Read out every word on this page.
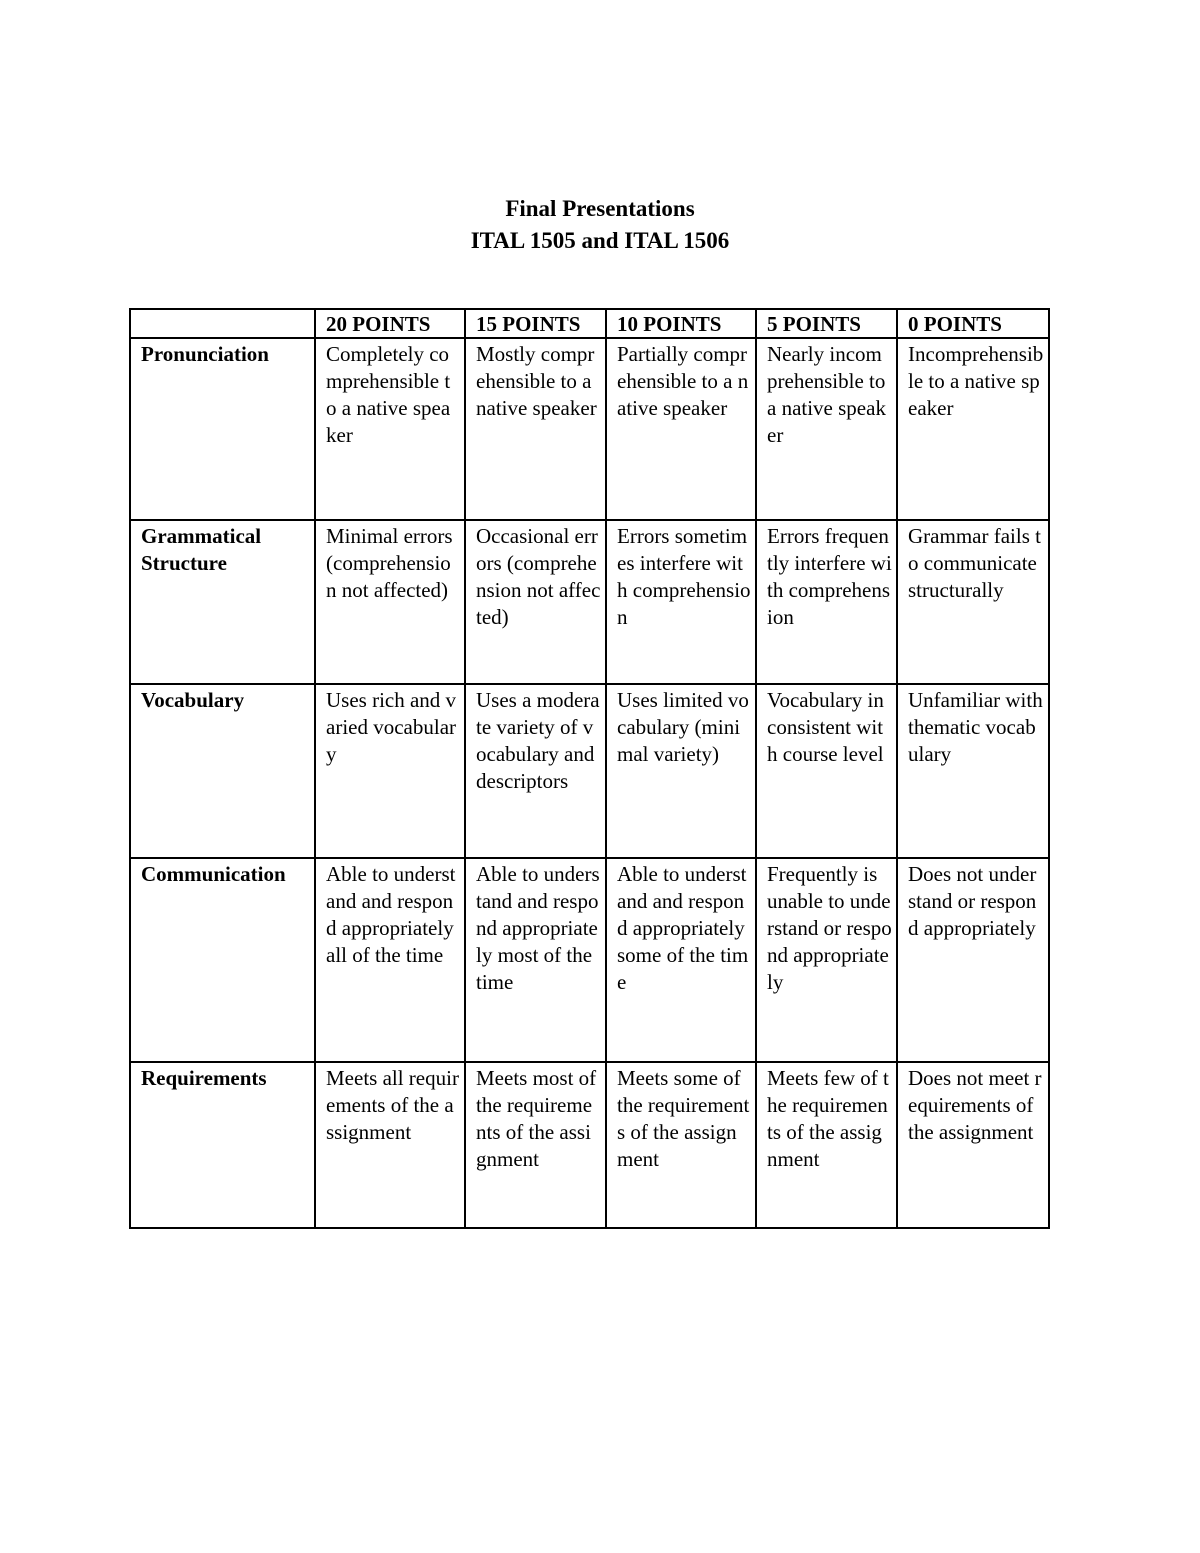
Final Presentations
ITAL 1505 and ITAL 1506
	20 POINTS	15 POINTS	10 POINTS	5 POINTS	0 POINTS
Pronunciation	Completely comprehensible to a native speaker	Mostly comprehensible to a native speaker	Partially comprehensible to a native speaker	Nearly incomprehensible to a native speaker	Incomprehensible to a native speaker
Grammatical Structure	Minimal errors (comprehension not affected)	Occasional errors (comprehension not affected)	Errors sometimes interfere with comprehension	Errors frequently interfere with comprehension	Grammar fails to communicate structurally
Vocabulary	Uses rich and varied vocabulary	Uses a moderate variety of vocabulary and descriptors	Uses limited vocabulary (minimal variety)	Vocabulary inconsistent with course level	Unfamiliar with thematic vocabulary
Communication	Able to understand and respond appropriately all of the time	Able to understand and respond appropriately most of the time	Able to understand and respond appropriately some of the time	Frequently is unable to understand or respond appropriately	Does not understand or respond appropriately
Requirements	Meets all requirements of the assignment	Meets most of the requirements of the assignment	Meets some of the requirements of the assignment	Meets few of the requirements of the assignment	Does not meet requirements of the assignment
